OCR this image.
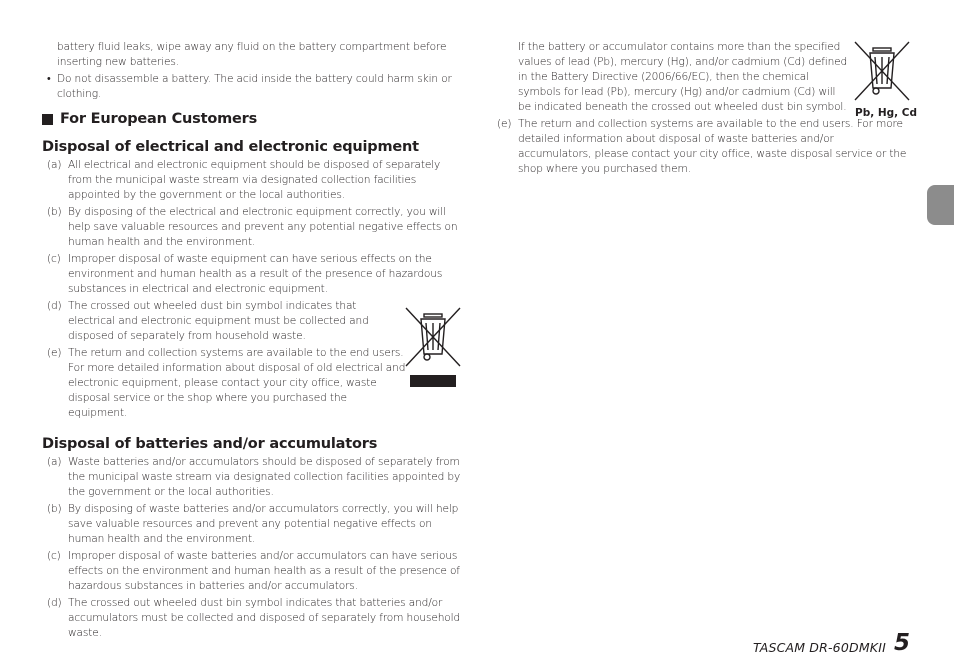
battery fluid leaks, wipe away any fluid on the battery compartment before inserting new batteries.
• Do not disassemble a battery. The acid inside the battery could harm skin or clothing.
For European Customers
Disposal of electrical and electronic equipment
(a) All electrical and electronic equipment should be disposed of separately from the municipal waste stream via designated collection facilities appointed by the government or the local authorities.
(b) By disposing of the electrical and electronic equipment correctly, you will help save valuable resources and prevent any potential negative effects on human health and the environment.
(c) Improper disposal of waste equipment can have serious effects on the environment and human health as a result of the presence of hazardous substances in electrical and electronic equipment.
(d) The crossed out wheeled dust bin symbol indicates that electrical and electronic equipment must be collected and disposed of separately from household waste.
(e) The return and collection systems are available to the end users. For more detailed information about disposal of old electrical and electronic equipment, please contact your city office, waste disposal service or the shop where you purchased the equipment.
Disposal of batteries and/or accumulators
(a) Waste batteries and/or accumulators should be disposed of separately from the municipal waste stream via designated collection facilities appointed by the government or the local authorities.
(b) By disposing of waste batteries and/or accumulators correctly, you will help save valuable resources and prevent any potential negative effects on human health and the environment.
(c) Improper disposal of waste batteries and/or accumulators can have serious effects on the environment and human health as a result of the presence of hazardous substances in batteries and/or accumulators.
(d) The crossed out wheeled dust bin symbol indicates that batteries and/or accumulators must be collected and disposed of separately from household waste.
If the battery or accumulator contains more than the specified values of lead (Pb), mercury (Hg), and/or cadmium (Cd) defined in the Battery Directive (2006/66/EC), then the chemical symbols for lead (Pb), mercury (Hg) and/or cadmium (Cd) will be indicated beneath the crossed out wheeled dust bin symbol.
(e) The return and collection systems are available to the end users. For more detailed information about disposal of waste batteries and/or accumulators, please contact your city office, waste disposal service or the shop where you purchased them.
Pb, Hg, Cd
TASCAM DR-60DMKII 5
